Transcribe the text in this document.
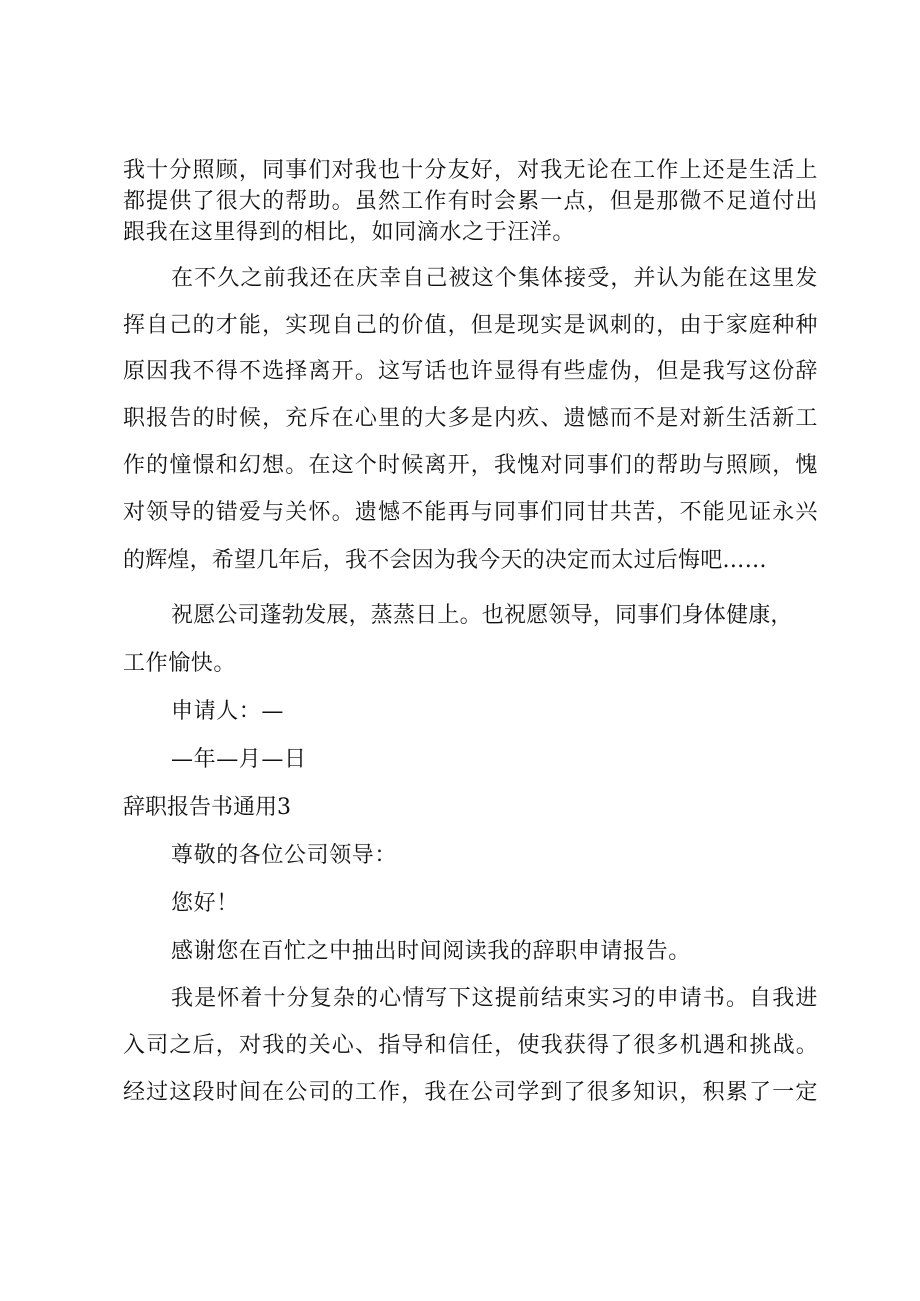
我十分照顾，同事们对我也十分友好，对我无论在工作上还是生活上

都提供了很大的帮助。虽然工作有时会累一点，但是那微不足道付出

跟我在这里得到的相比，如同滴水之于汪洋。

在不久之前我还在庆幸自己被这个集体接受，并认为能在这里发

挥自己的才能，实现自己的价值，但是现实是讽刺的，由于家庭种种

原因我不得不选择离开。这写话也许显得有些虚伪，但是我写这份辞

职报告的时候，充斥在心里的大多是内疚、遗憾而不是对新生活新工

作的憧憬和幻想。在这个时候离开，我愧对同事们的帮助与照顾，愧

对领导的错爱与关怀。遗憾不能再与同事们同甘共苦，不能见证永兴

的辉煌，希望几年后，我不会因为我今天的决定而太过后悔吧……

祝愿公司蓬勃发展，蒸蒸日上。也祝愿领导，同事们身体健康，

工作愉快。

申请人：—

—年—月—日

辞职报告书通用3

尊敬的各位公司领导：

您好！

感谢您在百忙之中抽出时间阅读我的辞职申请报告。

我是怀着十分复杂的心情写下这提前结束实习的申请书。自我进

入司之后，对我的关心、指导和信任，使我获得了很多机遇和挑战。

经过这段时间在公司的工作，我在公司学到了很多知识，积累了一定
